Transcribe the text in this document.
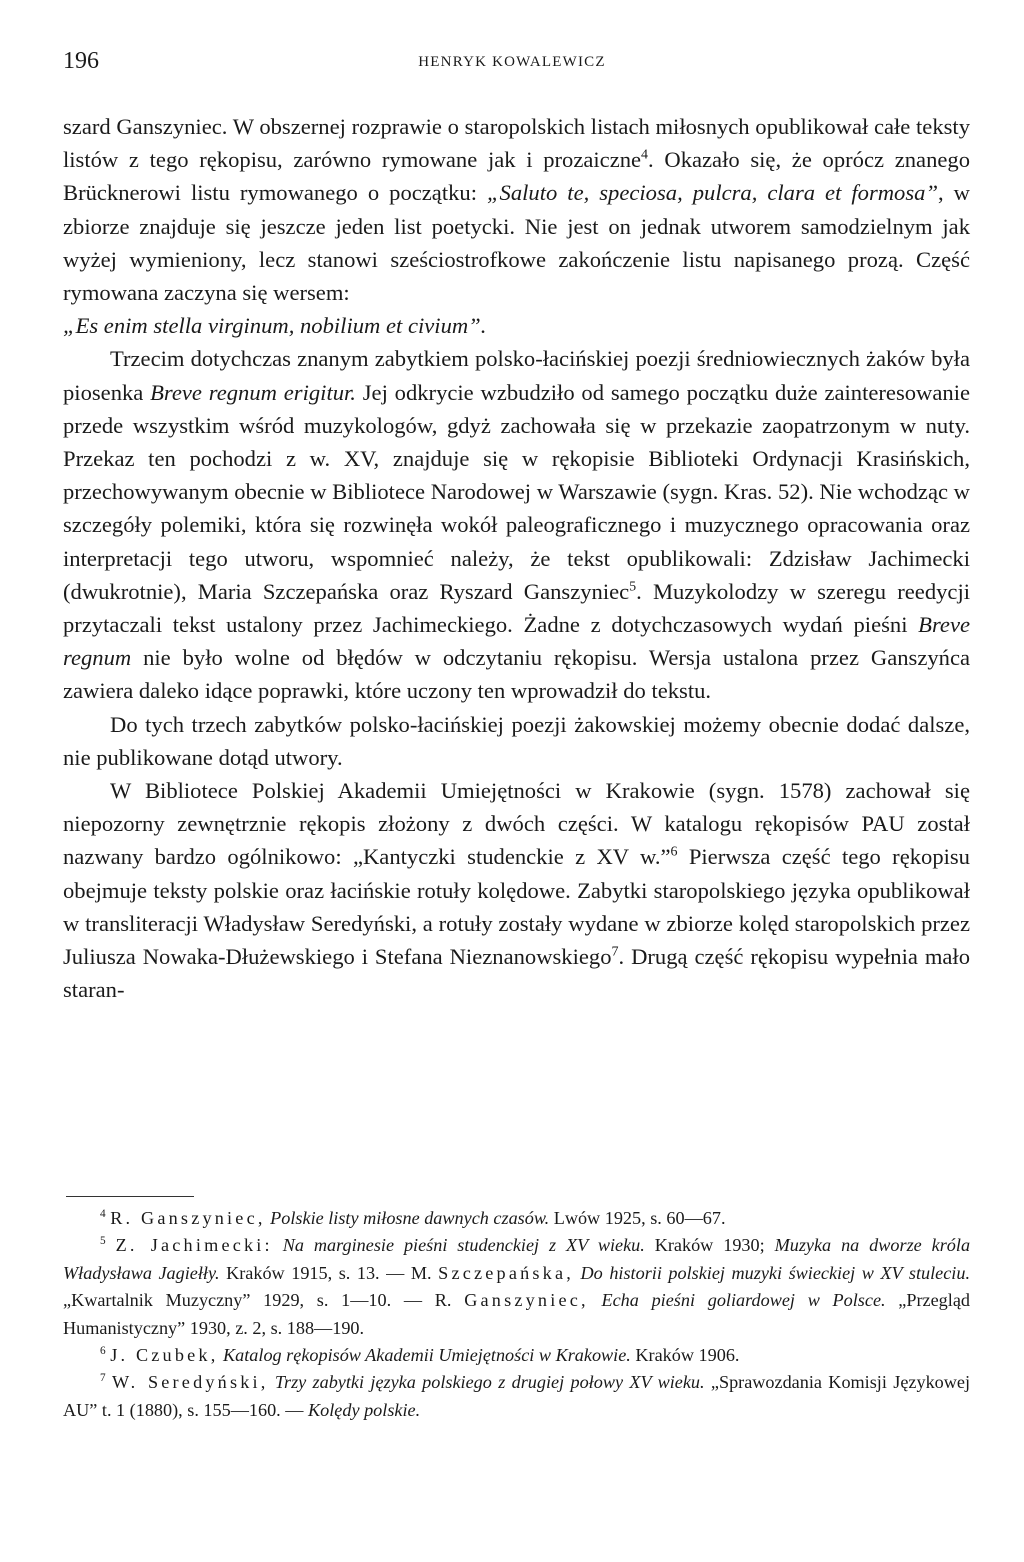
196	HENRYK KOWALEWICZ

szard Ganszyniec. W obszernej rozprawie o staropolskich listach miłosnych opublikował całe teksty listów z tego rękopisu, zarówno rymowane jak i prozaiczne$^4$. Okazało się, że oprócz znanego Brücknerowi listu rymowanego o początku: „Saluto te, speciosa, pulcra, clara et formosa”, w zbiorze znajduje się jeszcze jeden list poetycki. Nie jest on jednak utworem samodzielnym jak wyżej wymieniony, lecz stanowi sześciostrofkowe zakończenie listu napisanego prozą. Część rymowana zaczyna się wersem:

„Es enim stella virginum, nobilium et civium”.

Trzecim dotychczas znanym zabytkiem polsko-łacińskiej poezji średniowiecznych żaków była piosenka Breve regnum erigitur. Jej odkrycie wzbudziło od samego początku duże zainteresowanie przede wszystkim wśród muzykologów, gdyż zachowała się w przekazie zaopatrzonym w nuty. Przekaz ten pochodzi z w. XV, znajduje się w rękopisie Biblioteki Ordynacji Krasińskich, przechowywanym obecnie w Bibliotece Narodowej w Warszawie (sygn. Kras. 52). Nie wchodząc w szczegóły polemiki, która się rozwinęła wokół paleograficznego i muzycznego opracowania oraz interpretacji tego utworu, wspomnieć należy, że tekst opublikowali: Zdzisław Jachimecki (dwukrotnie), Maria Szczepańska oraz Ryszard Ganszyniec$^5$. Muzykolodzy w szeregu reedycji przytaczali tekst ustalony przez Jachimeckiego. Żadne z dotychczasowych wydań pieśni Breve regnum nie było wolne od błędów w odczytaniu rękopisu. Wersja ustalona przez Ganszyńca zawiera daleko idące poprawki, które uczony ten wprowadził do tekstu.

Do tych trzech zabytków polsko-łacińskiej poezji żakowskiej możemy obecnie dodać dalsze, nie publikowane dotąd utwory.

W Bibliotece Polskiej Akademii Umiejętności w Krakowie (sygn. 1578) zachował się niepozorny zewnętrznie rękopis złożony z dwóch części. W katalogu rękopisów PAU został nazwany bardzo ogólnikowo: „Kantyczki studenckie z XV w.”$^6$ Pierwsza część tego rękopisu obejmuje teksty polskie oraz łacińskie rotuły kolędowe. Zabytki staropolskiego języka opublikował w transliteracji Władysław Seredyński, a rotuły zostały wydane w zbiorze kolęd staropolskich przez Juliusza Nowaka-Dłużewskiego i Stefana Nieznanowskiego$^7$. Drugą część rękopisu wypełnia mało staran-

$^4$ R. Ganszyniec, Polskie listy miłosne dawnych czasów. Lwów 1925, s. 60—67.

$^5$ Z. Jachimecki: Na marginesie pieśni studenckiej z XV wieku. Kraków 1930; Muzyka na dworze króla Władysława Jagiełły. Kraków 1915, s. 13. — M. Szczepańska, Do historii polskiej muzyki świeckiej w XV stuleciu. „Kwartalnik Muzyczny” 1929, s. 1—10. — R. Ganszyniec, Echa pieśni goliardowej w Polsce. „Przegląd Humanistyczny” 1930, z. 2, s. 188—190.

$^6$ J. Czubek, Katalog rękopisów Akademii Umiejętności w Krakowie. Kraków 1906.

$^7$ W. Seredyński, Trzy zabytki języka polskiego z drugiej połowy XV wieku. „Sprawozdania Komisji Językowej AU” t. 1 (1880), s. 155—160. — Kolędy polskie.
